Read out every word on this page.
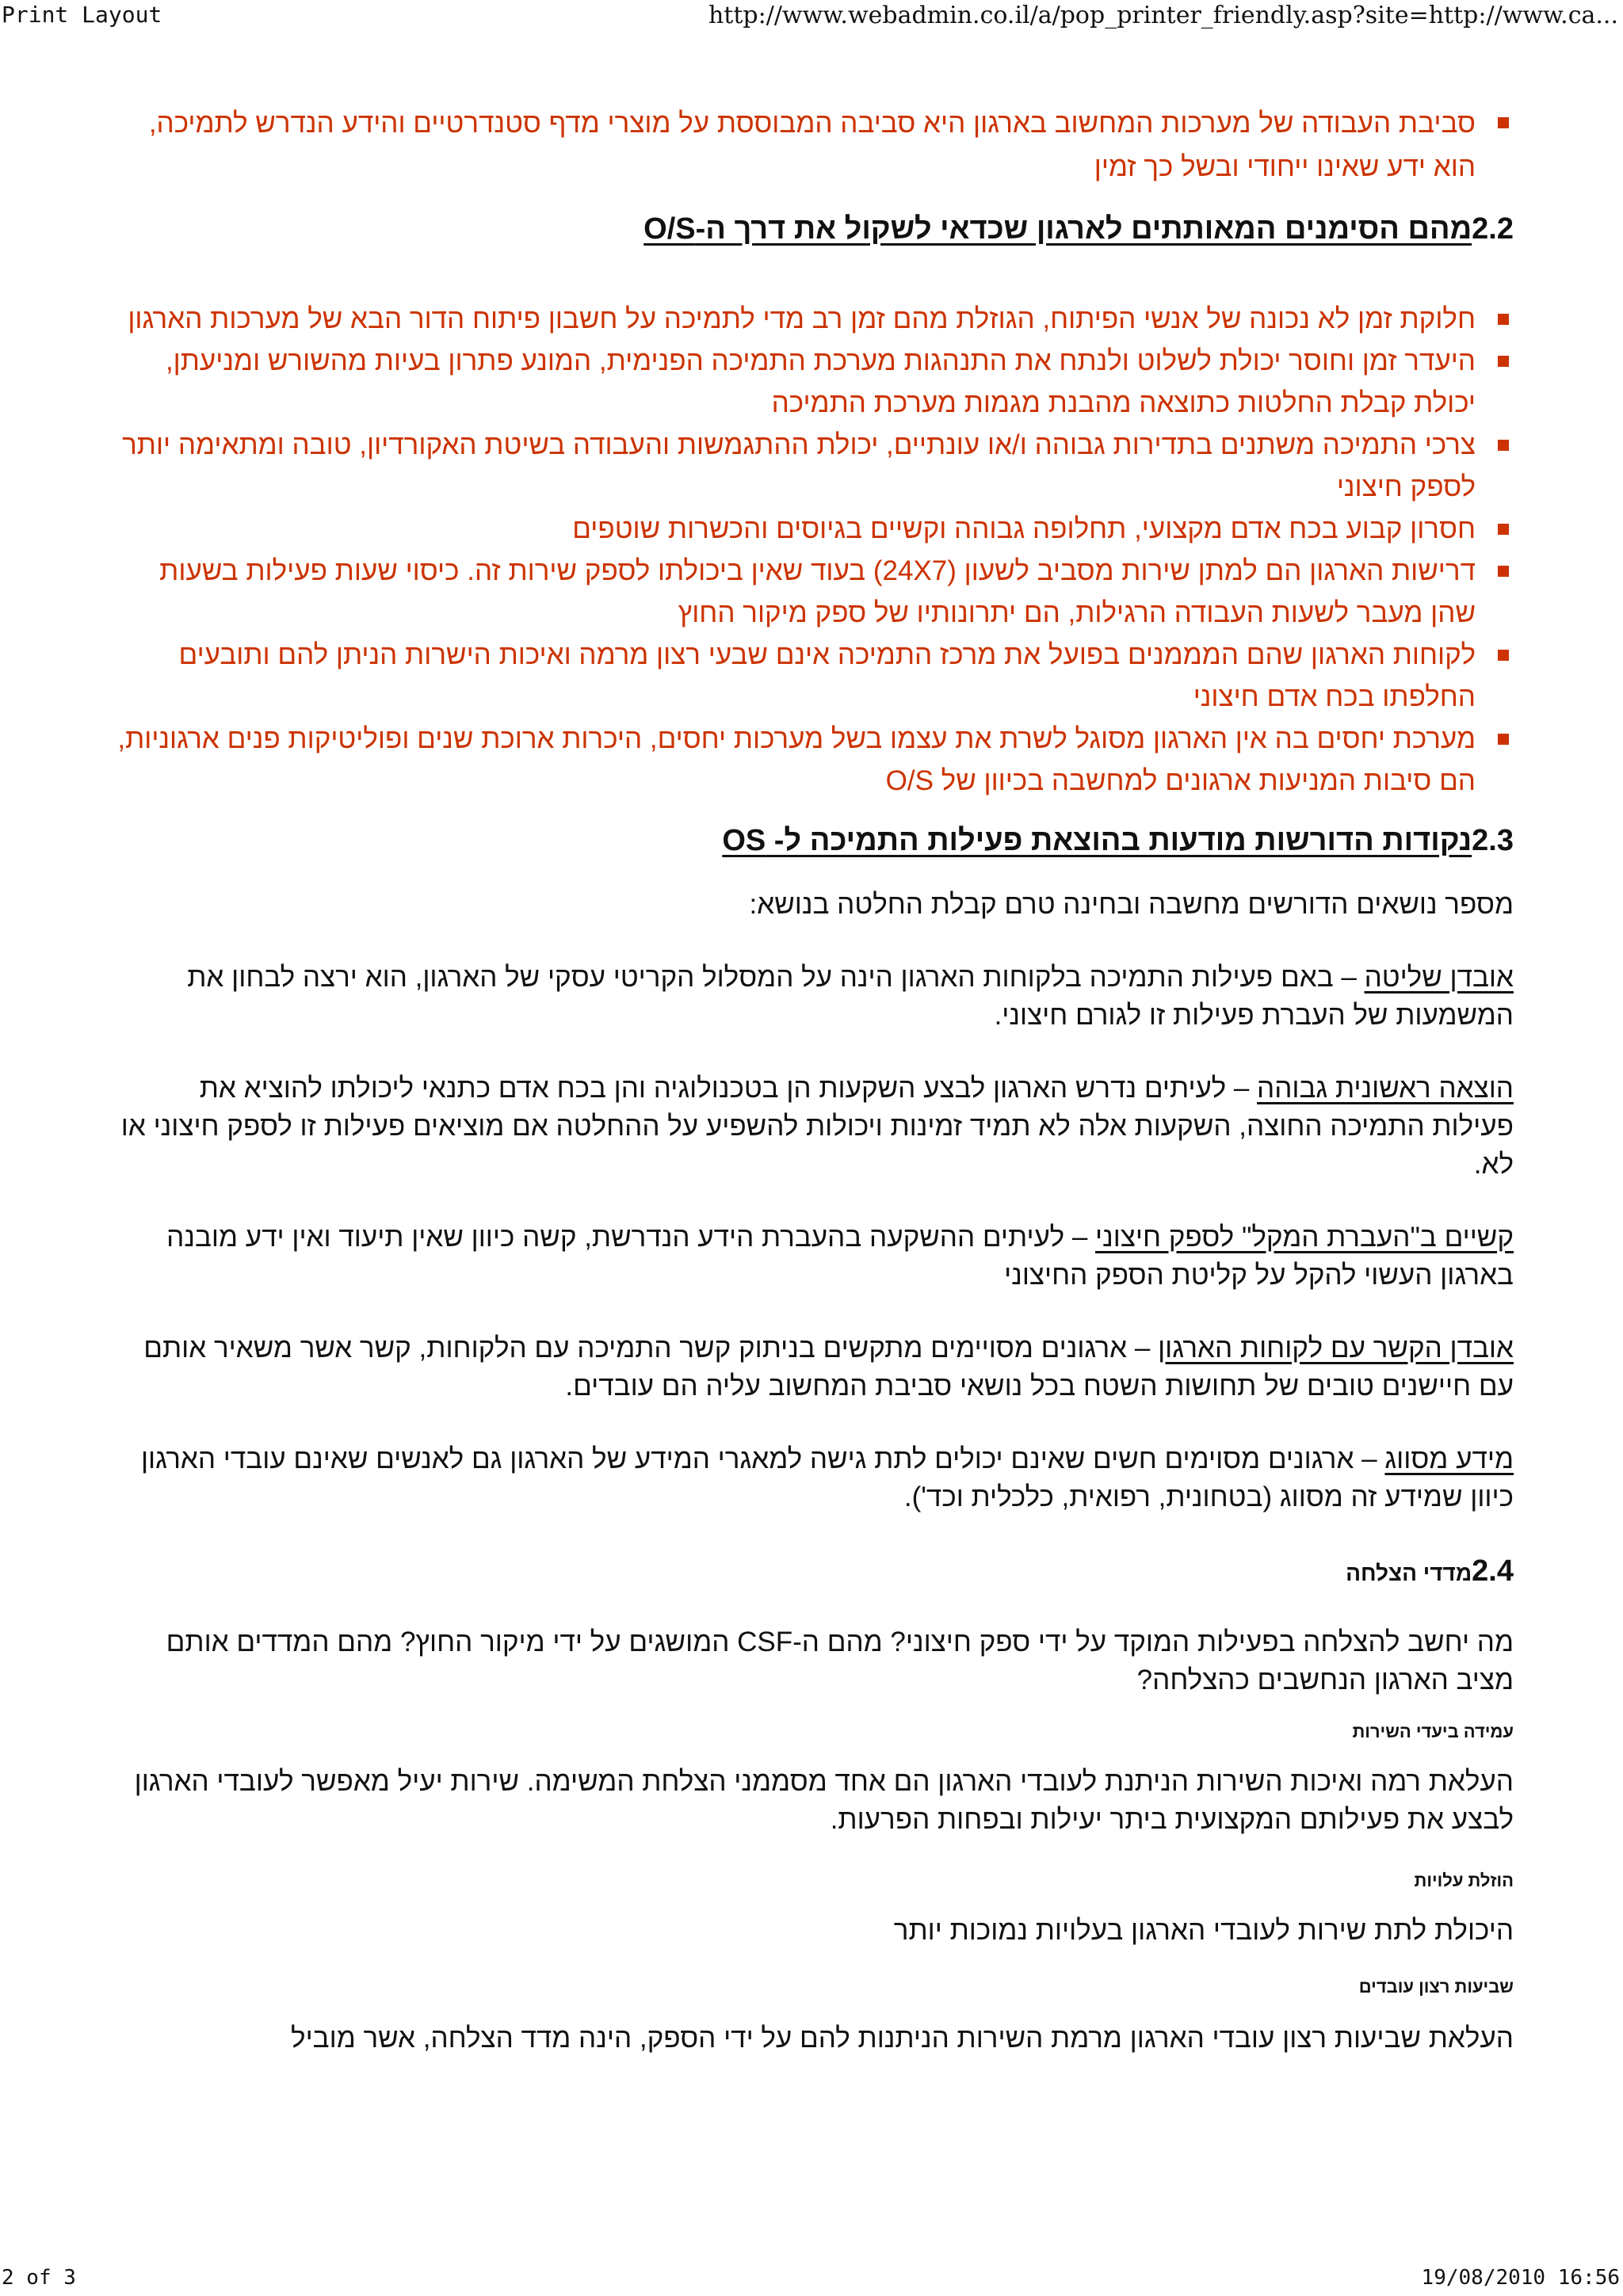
Print Layout	http://www.webadmin.co.il/a/pop_printer_friendly.asp?site=http://www.ca...
סביבת העבודה של מערכות המחשוב בארגון היא סביבה המבוססת על מוצרי מדף סטנדרטיים והידע הנדרש לתמיכה, הוא ידע שאינו ייחודי ובשל כך זמין
2.2מהם הסימנים המאותתים לארגון שכדאי לשקול את דרך ה-O/S
חלוקת זמן לא נכונה של אנשי הפיתוח, הגוזלת מהם זמן רב מדי לתמיכה על חשבון פיתוח הדור הבא של מערכות הארגון
היעדר זמן וחוסר יכולת לשלוט ולנתח את התנהגות מערכת התמיכה הפנימית, המונע פתרון בעיות מהשורש ומניעתן, יכולת קבלת החלטות כתוצאה מהבנת מגמות מערכת התמיכה
צרכי התמיכה משתנים בתדירות גבוהה ו/או עונתיים, יכולת ההתגמשות והעבודה בשיטת האקורדיון, טובה ומתאימה יותר לספק חיצוני
חסרון קבוע בכח אדם מקצועי, תחלופה גבוהה וקשיים בגיוסים והכשרות שוטפים
דרישות הארגון הם למתן שירות מסביב לשעון (24X7) בעוד שאין ביכולתו לספק שירות זה. כיסוי שעות פעילות בשעות שהן מעבר לשעות העבודה הרגילות, הם יתרונותיו של ספק מיקור החוץ
לקוחות הארגון שהם המממנים בפועל את מרכז התמיכה אינם שבעי רצון מרמה ואיכות הישרות הניתן להם ותובעים החלפתו בכח אדם חיצוני
מערכת יחסים בה אין הארגון מסוגל לשרת את עצמו בשל מערכות יחסים, היכרות ארוכת שנים ופוליטיקות פנים ארגוניות, הם סיבות המניעות ארגונים למחשבה בכיוון של O/S
2.3נקודות הדורשות מודעות בהוצאת פעילות התמיכה ל- OS

מספר נושאים הדורשים מחשבה ובחינה טרם קבלת החלטה בנושא:

אובדן שליטה – באם פעילות התמיכה בלקוחות הארגון הינה על המסלול הקריטי עסקי של הארגון, הוא ירצה לבחון את המשמעות של העברת פעילות זו לגורם חיצוני.

הוצאה ראשונית גבוהה – לעיתים נדרש הארגון לבצע השקעות הן בטכנולוגיה והן בכח אדם כתנאי ליכולתו להוציא את פעילות התמיכה החוצה, השקעות אלה לא תמיד זמינות ויכולות להשפיע על ההחלטה אם מוציאים פעילות זו לספק חיצוני או לא.

קשיים ב"העברת המקל" לספק חיצוני – לעיתים ההשקעה בהעברת הידע הנדרשת, קשה כיוון שאין תיעוד ואין ידע מובנה בארגון העשוי להקל על קליטת הספק החיצוני

אובדן הקשר עם לקוחות הארגון – ארגונים מסויימים מתקשים בניתוק קשר התמיכה עם הלקוחות, קשר אשר משאיר אותם עם חיישנים טובים של תחושות השטח בכל נושאי סביבת המחשוב עליה הם עובדים.

מידע מסווג – ארגונים מסוימים חשים שאינם יכולים לתת גישה למאגרי המידע של הארגון גם לאנשים שאינם עובדי הארגון כיוון שמידע זה מסווג (בטחונית, רפואית, כלכלית וכד').

2.4מדדי הצלחה

מה יחשב להצלחה בפעילות המוקד על ידי ספק חיצוני? מהם ה-CSF המושגים על ידי מיקור החוץ? מהם המדדים אותם מציב הארגון הנחשבים כהצלחה?

עמידה ביעדי השירות

העלאת רמה ואיכות השירות הניתנת לעובדי הארגון הם אחד מסממני הצלחת המשימה. שירות יעיל מאפשר לעובדי הארגון לבצע את פעילותם המקצועית ביתר יעילות ובפחות הפרעות.

הוזלת עלויות

היכולת לתת שירות לעובדי הארגון בעלויות נמוכות יותר

שביעות רצון עובדים

העלאת שביעות רצון עובדי הארגון מרמת השירות הניתנות להם על ידי הספק, הינה מדד הצלחה, אשר מוביל

2 of 3	19/08/2010 16:56
